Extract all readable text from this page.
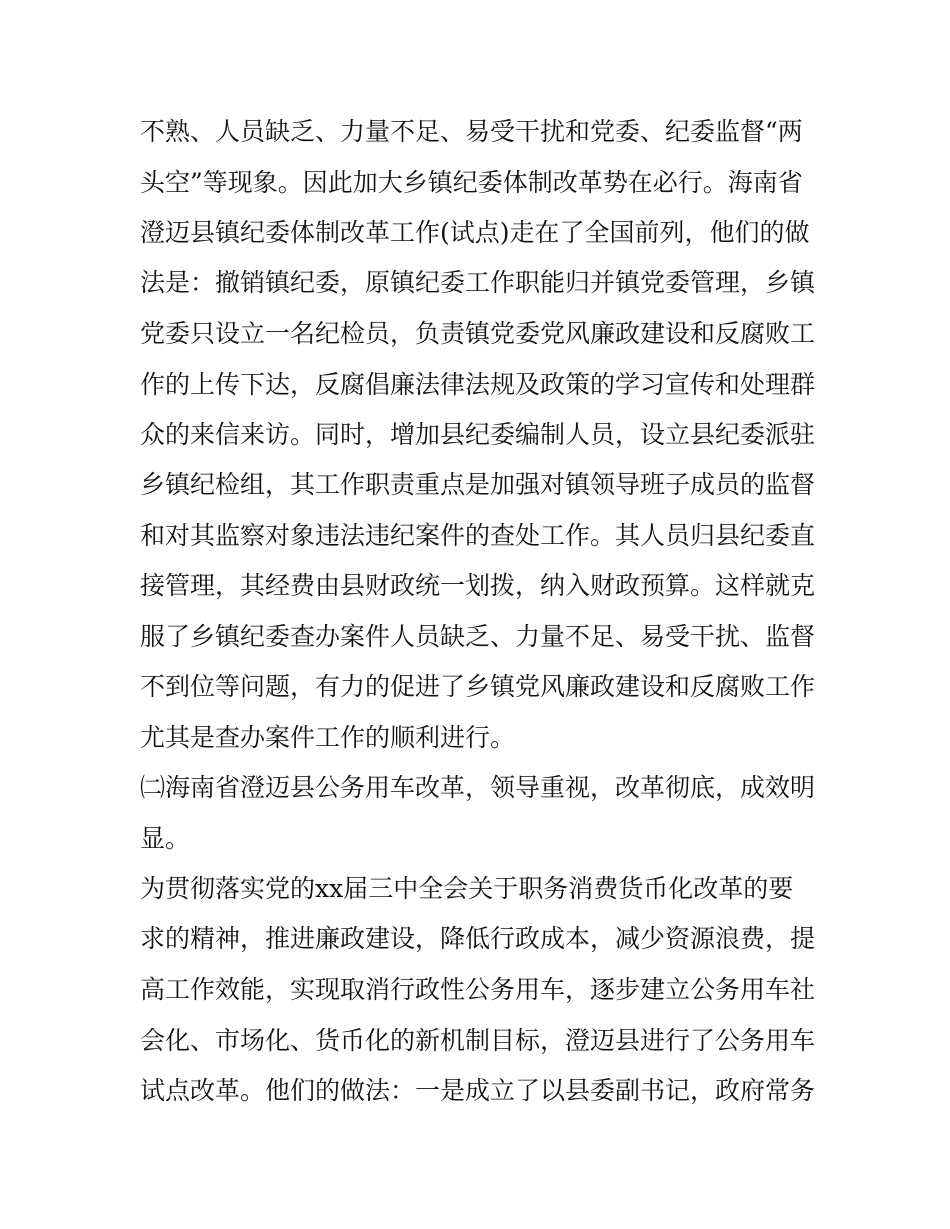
不熟、人员缺乏、力量不足、易受干扰和党委、纪委监督“两
头空”等现象。因此加大乡镇纪委体制改革势在必行。海南省
澄迈县镇纪委体制改革工作(试点)走在了全国前列，他们的做
法是：撤销镇纪委，原镇纪委工作职能归并镇党委管理，乡镇
党委只设立一名纪检员，负责镇党委党风廉政建设和反腐败工
作的上传下达，反腐倡廉法律法规及政策的学习宣传和处理群
众的来信来访。同时，增加县纪委编制人员，设立县纪委派驻
乡镇纪检组，其工作职责重点是加强对镇领导班子成员的监督
和对其监察对象违法违纪案件的查处工作。其人员归县纪委直
接管理，其经费由县财政统一划拨，纳入财政预算。这样就克
服了乡镇纪委查办案件人员缺乏、力量不足、易受干扰、监督
不到位等问题，有力的促进了乡镇党风廉政建设和反腐败工作
尤其是查办案件工作的顺利进行。
㈡海南省澄迈县公务用车改革，领导重视，改革彻底，成效明
显。
为贯彻落实党的xx届三中全会关于职务消费货币化改革的要
求的精神，推进廉政建设，降低行政成本，减少资源浪费，提
高工作效能，实现取消行政性公务用车，逐步建立公务用车社
会化、市场化、货币化的新机制目标，澄迈县进行了公务用车
试点改革。他们的做法：一是成立了以县委副书记，政府常务
